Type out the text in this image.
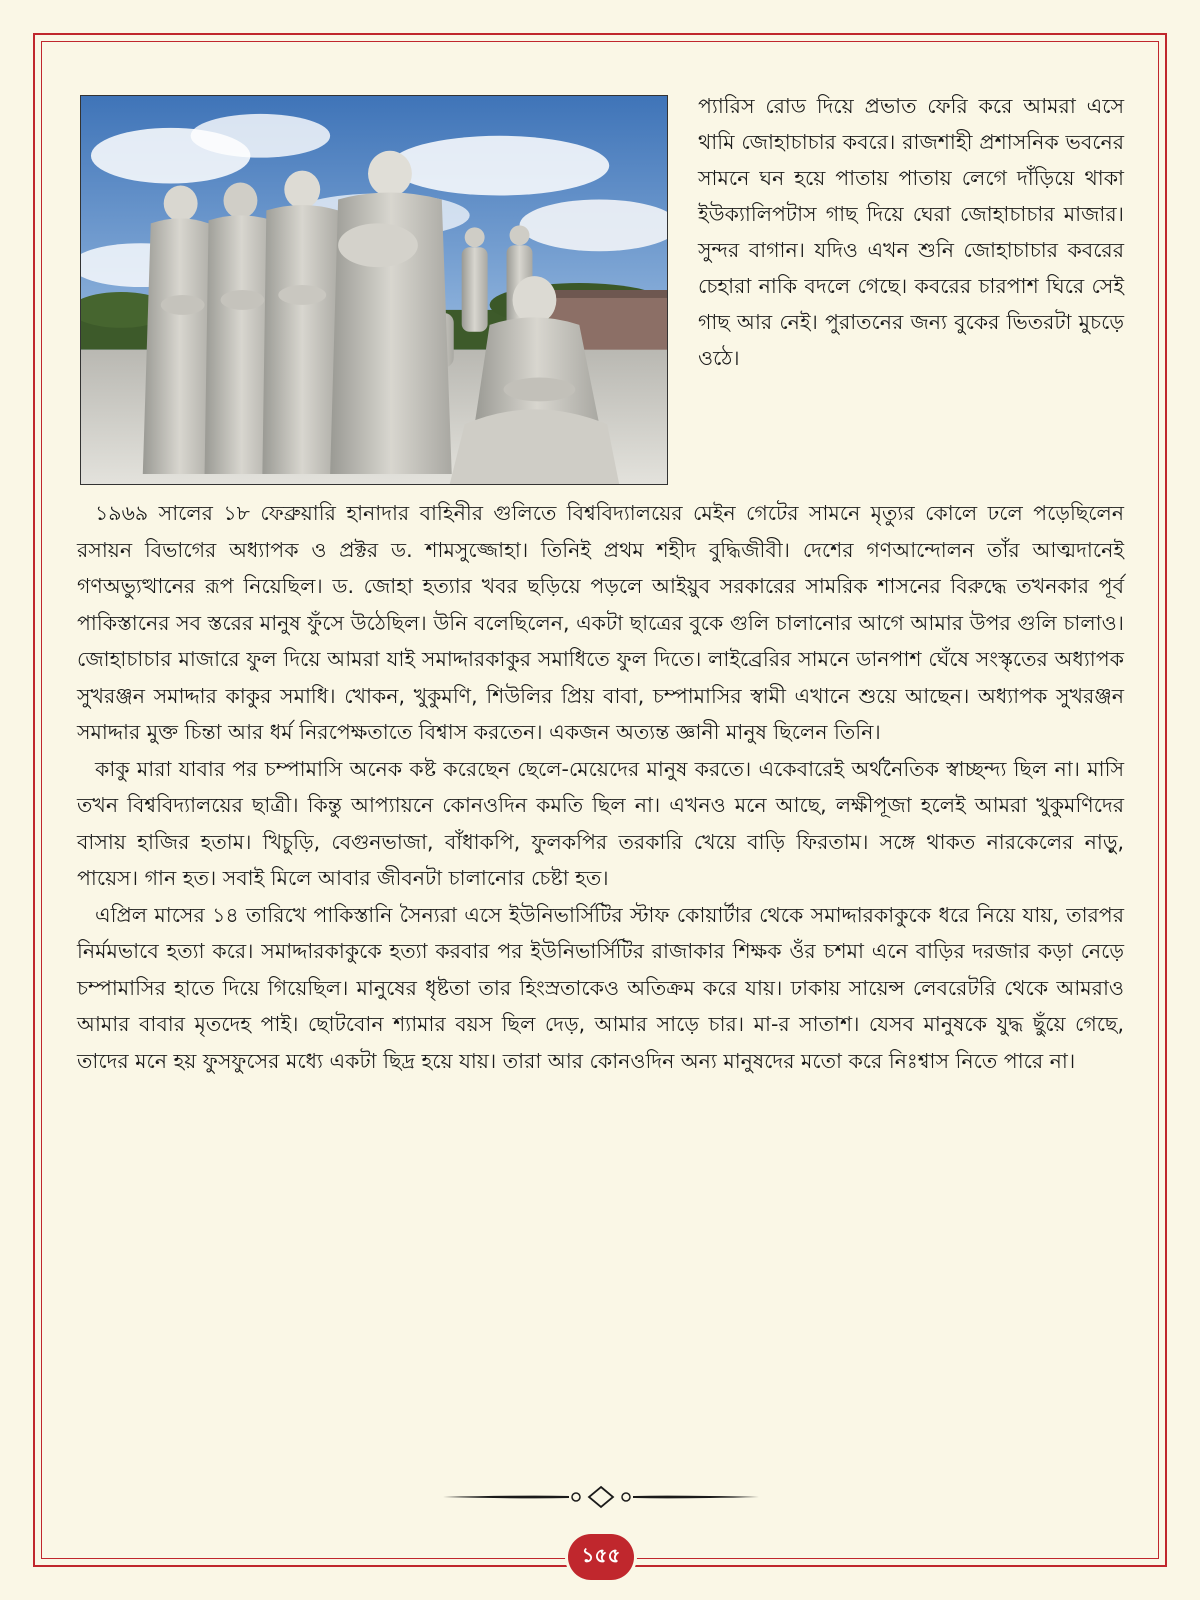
প্যারিস রোড দিয়ে প্রভাত ফেরি করে আমরা এসে থামি জোহাচাচার কবরে। রাজশাহী প্রশাসনিক ভবনের সামনে ঘন হয়ে পাতায় পাতায় লেগে দাঁড়িয়ে থাকা ইউক্যালিপটাস গাছ দিয়ে ঘেরা জোহাচাচার মাজার। সুন্দর বাগান। যদিও এখন শুনি জোহাচাচার কবরের চেহারা নাকি বদলে গেছে। কবরের চারপাশ ঘিরে সেই গাছ আর নেই। পুরাতনের জন্য বুকের ভিতরটা মুচড়ে ওঠে।

১৯৬৯ সালের ১৮ ফেব্রুয়ারি হানাদার বাহিনীর গুলিতে বিশ্ববিদ্যালয়ের মেইন গেটের সামনে মৃত্যুর কোলে ঢলে পড়েছিলেন রসায়ন বিভাগের অধ্যাপক ও প্রক্টর ড. শামসুজ্জোহা। তিনিই প্রথম শহীদ বুদ্ধিজীবী। দেশের গণআন্দোলন তাঁর আত্মদানেই গণঅভ্যুত্থানের রূপ নিয়েছিল। ড. জোহা হত্যার খবর ছড়িয়ে পড়লে আইয়ুব সরকারের সামরিক শাসনের বিরুদ্ধে তখনকার পূর্ব পাকিস্তানের সব স্তরের মানুষ ফুঁসে উঠেছিল। উনি বলেছিলেন, একটা ছাত্রের বুকে গুলি চালানোর আগে আমার উপর গুলি চালাও। জোহাচাচার মাজারে ফুল দিয়ে আমরা যাই সমাদ্দারকাকুর সমাধিতে ফুল দিতে। লাইব্রেরির সামনে ডানপাশ ঘেঁষে সংস্কৃতের অধ্যাপক সুখরঞ্জন সমাদ্দার কাকুর সমাধি। খোকন, খুকুমণি, শিউলির প্রিয় বাবা, চম্পামাসির স্বামী এখানে শুয়ে আছেন। অধ্যাপক সুখরঞ্জন সমাদ্দার মুক্ত চিন্তা আর ধর্ম নিরপেক্ষতাতে বিশ্বাস করতেন। একজন অত্যন্ত জ্ঞানী মানুষ ছিলেন তিনি।

কাকু মারা যাবার পর চম্পামাসি অনেক কষ্ট করেছেন ছেলে-মেয়েদের মানুষ করতে। একেবারেই অর্থনৈতিক স্বাচ্ছন্দ্য ছিল না। মাসি তখন বিশ্ববিদ্যালয়ের ছাত্রী। কিন্তু আপ্যায়নে কোনওদিন কমতি ছিল না। এখনও মনে আছে, লক্ষীপূজা হলেই আমরা খুকুমণিদের বাসায় হাজির হতাম। খিচুড়ি, বেগুনভাজা, বাঁধাকপি, ফুলকপির তরকারি খেয়ে বাড়ি ফিরতাম। সঙ্গে থাকত নারকেলের নাড়ু, পায়েস। গান হত। সবাই মিলে আবার জীবনটা চালানোর চেষ্টা হত।

এপ্রিল মাসের ১৪ তারিখে পাকিস্তানি সৈন্যরা এসে ইউনিভার্সিটির স্টাফ কোয়ার্টার থেকে সমাদ্দারকাকুকে ধরে নিয়ে যায়, তারপর নির্মমভাবে হত্যা করে। সমাদ্দারকাকুকে হত্যা করবার পর ইউনিভার্সিটির রাজাকার শিক্ষক ওঁর চশমা এনে বাড়ির দরজার কড়া নেড়ে চম্পামাসির হাতে দিয়ে গিয়েছিল। মানুষের ধৃষ্টতা তার হিংস্রতাকেও অতিক্রম করে যায়। ঢাকায় সায়েন্স লেবরেটরি থেকে আমরাও আমার বাবার মৃতদেহ পাই। ছোটবোন শ্যামার বয়স ছিল দেড়, আমার সাড়ে চার। মা-র সাতাশ। যেসব মানুষকে যুদ্ধ ছুঁয়ে গেছে, তাদের মনে হয় ফুসফুসের মধ্যে একটা ছিদ্র হয়ে যায়। তারা আর কোনওদিন অন্য মানুষদের মতো করে নিঃশ্বাস নিতে পারে না।

১৫৫
